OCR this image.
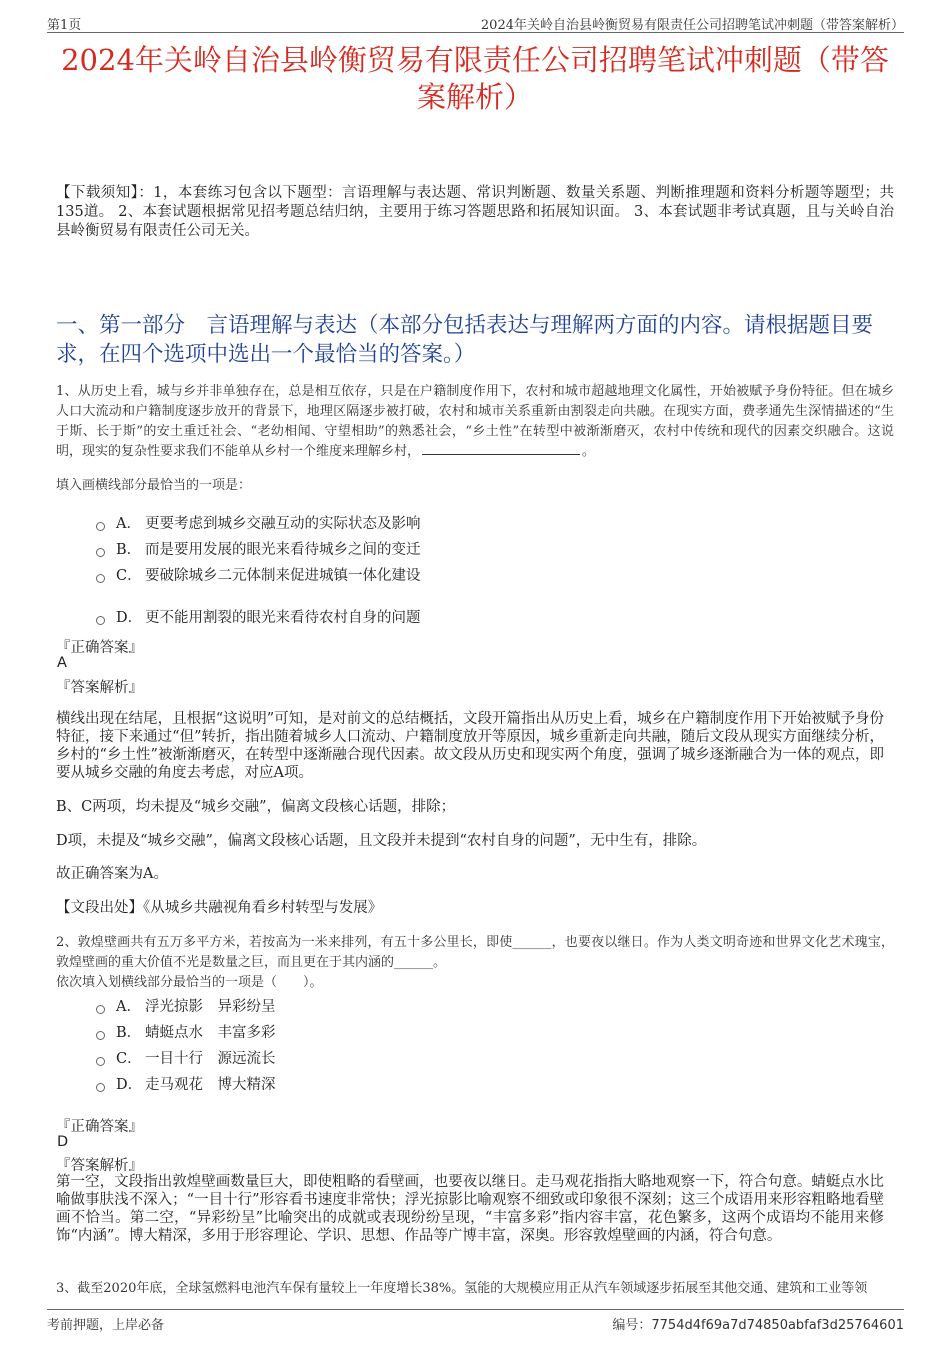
第1页	2024年关岭自治县岭衡贸易有限责任公司招聘笔试冲刺题（带答案解析）
2024年关岭自治县岭衡贸易有限责任公司招聘笔试冲刺题（带答案解析）
【下载须知】：1，本套练习包含以下题型：言语理解与表达题、常识判断题、数量关系题、判断推理题和资料分析题等题型；共135道。 2、本套试题根据常见招考题总结归纳，主要用于练习答题思路和拓展知识面。 3、本套试题非考试真题，且与关岭自治县岭衡贸易有限责任公司无关。
一、第一部分　言语理解与表达（本部分包括表达与理解两方面的内容。请根据题目要求，在四个选项中选出一个最恰当的答案。）
1、从历史上看，城与乡并非单独存在，总是相互依存，只是在户籍制度作用下，农村和城市超越地理文化属性，开始被赋予身份特征。但在城乡人口大流动和户籍制度逐步放开的背景下，地理区隔逐步被打破，农村和城市关系重新由割裂走向共融。在现实方面，费孝通先生深情描述的“生于斯、长于斯”的安土重迁社会、“老幼相闻、守望相助”的熟悉社会，“乡土性”在转型中被渐渐磨灭，农村中传统和现代的因素交织融合。这说明，现实的复杂性要求我们不能单从乡村一个维度来理解乡村，	。
填入画横线部分最恰当的一项是：
A． 更要考虑到城乡交融互动的实际状态及影响
B． 而是要用发展的眼光来看待城乡之间的变迁
C． 要破除城乡二元体制来促进城镇一体化建设
D． 更不能用割裂的眼光来看待农村自身的问题
『正确答案』
A
『答案解析』
横线出现在结尾，且根据“这说明”可知，是对前文的总结概括，文段开篇指出从历史上看，城乡在户籍制度作用下开始被赋予身份特征，接下来通过“但”转折，指出随着城乡人口流动、户籍制度放开等原因，城乡重新走向共融，随后文段从现实方面继续分析，乡村的“乡土性”被渐渐磨灭，在转型中逐渐融合现代因素。故文段从历史和现实两个角度，强调了城乡逐渐融合为一体的观点，即要从城乡交融的角度去考虑，对应A项。
B、C两项，均未提及“城乡交融”，偏离文段核心话题，排除；
D项，未提及“城乡交融”，偏离文段核心话题，且文段并未提到“农村自身的问题”，无中生有，排除。
故正确答案为A。
【文段出处】《从城乡共融视角看乡村转型与发展》
2、敦煌壁画共有五万多平方米，若按高为一米来排列，有五十多公里长，即使______，也要夜以继日。作为人类文明奇迹和世界文化艺术瑰宝，敦煌壁画的重大价值不光是数量之巨，而且更在于其内涵的______。
依次填入划横线部分最恰当的一项是（　　）。
A． 浮光掠影　异彩纷呈
B． 蜻蜓点水　丰富多彩
C． 一目十行　源远流长
D． 走马观花　博大精深
『正确答案』
D
『答案解析』
第一空，文段指出敦煌壁画数量巨大，即使粗略的看壁画，也要夜以继日。走马观花指指大略地观察一下，符合句意。蜻蜓点水比喻做事肤浅不深入；“一目十行”形容看书速度非常快；浮光掠影比喻观察不细致或印象很不深刻；这三个成语用来形容粗略地看壁画不恰当。第二空，“异彩纷呈”比喻突出的成就或表现纷纷呈现，“丰富多彩”指内容丰富，花色繁多，这两个成语均不能用来修饰“内涵”。博大精深，多用于形容理论、学识、思想、作品等广博丰富，深奥。形容敦煌壁画的内涵，符合句意。
3、截至2020年底，全球氢燃料电池汽车保有量较上一年度增长38%。氢能的大规模应用正从汽车领域逐步拓展至其他交通、建筑和工业等领
考前押题，上岸必备	编号：7754d4f69a7d74850abfaf3d25764601
